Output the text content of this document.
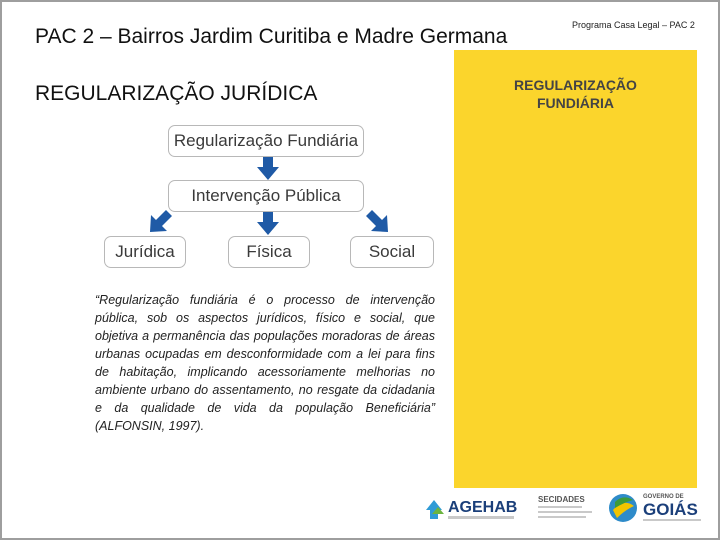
PAC 2 – Bairros Jardim Curitiba e Madre Germana
REGULARIZAÇÃO JURÍDICA
Programa Casa Legal – PAC 2
REGULARIZAÇÃO
FUNDIÁRIA
Regularização Fundiária
Intervenção Pública
Jurídica	Física	Social
“Regularização fundiária é o processo de intervenção pública, sob os aspectos jurídicos, físico e social, que objetiva a permanência das populações moradoras de áreas urbanas ocupadas em desconformidade com a lei para fins de habitação, implicando acessoriamente melhorias no ambiente urbano do assentamento, no resgate da cidadania e da qualidade de vida da população Beneficiária” (ALFONSIN, 1997).
AGEHAB	SECIDADES	GOVERNO DE
GOIÁS
